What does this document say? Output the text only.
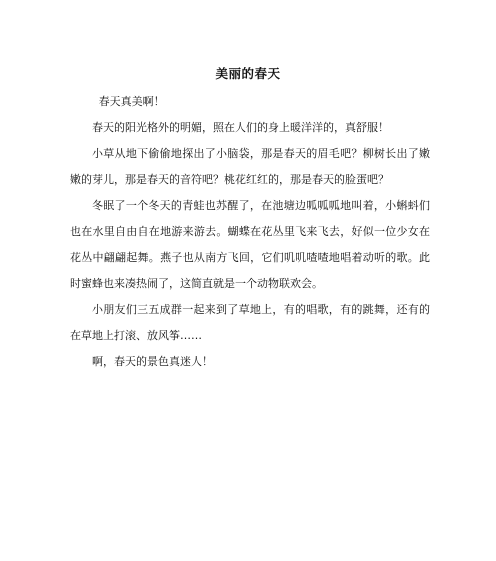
美丽的春天

春天真美啊！

春天的阳光格外的明媚，照在人们的身上暖洋洋的，真舒服！

小草从地下偷偷地探出了小脑袋，那是春天的眉毛吧？柳树长出了嫩嫩的芽儿，那是春天的音符吧？桃花红红的，那是春天的脸蛋吧？

冬眠了一个冬天的青蛙也苏醒了，在池塘边呱呱呱地叫着，小蝌蚪们也在水里自由自在地游来游去。蝴蝶在花丛里飞来飞去，好似一位少女在花丛中翩翩起舞。燕子也从南方飞回，它们叽叽喳喳地唱着动听的歌。此时蜜蜂也来凑热闹了，这简直就是一个动物联欢会。

小朋友们三五成群一起来到了草地上，有的唱歌，有的跳舞，还有的在草地上打滚、放风筝……

啊，春天的景色真迷人！
